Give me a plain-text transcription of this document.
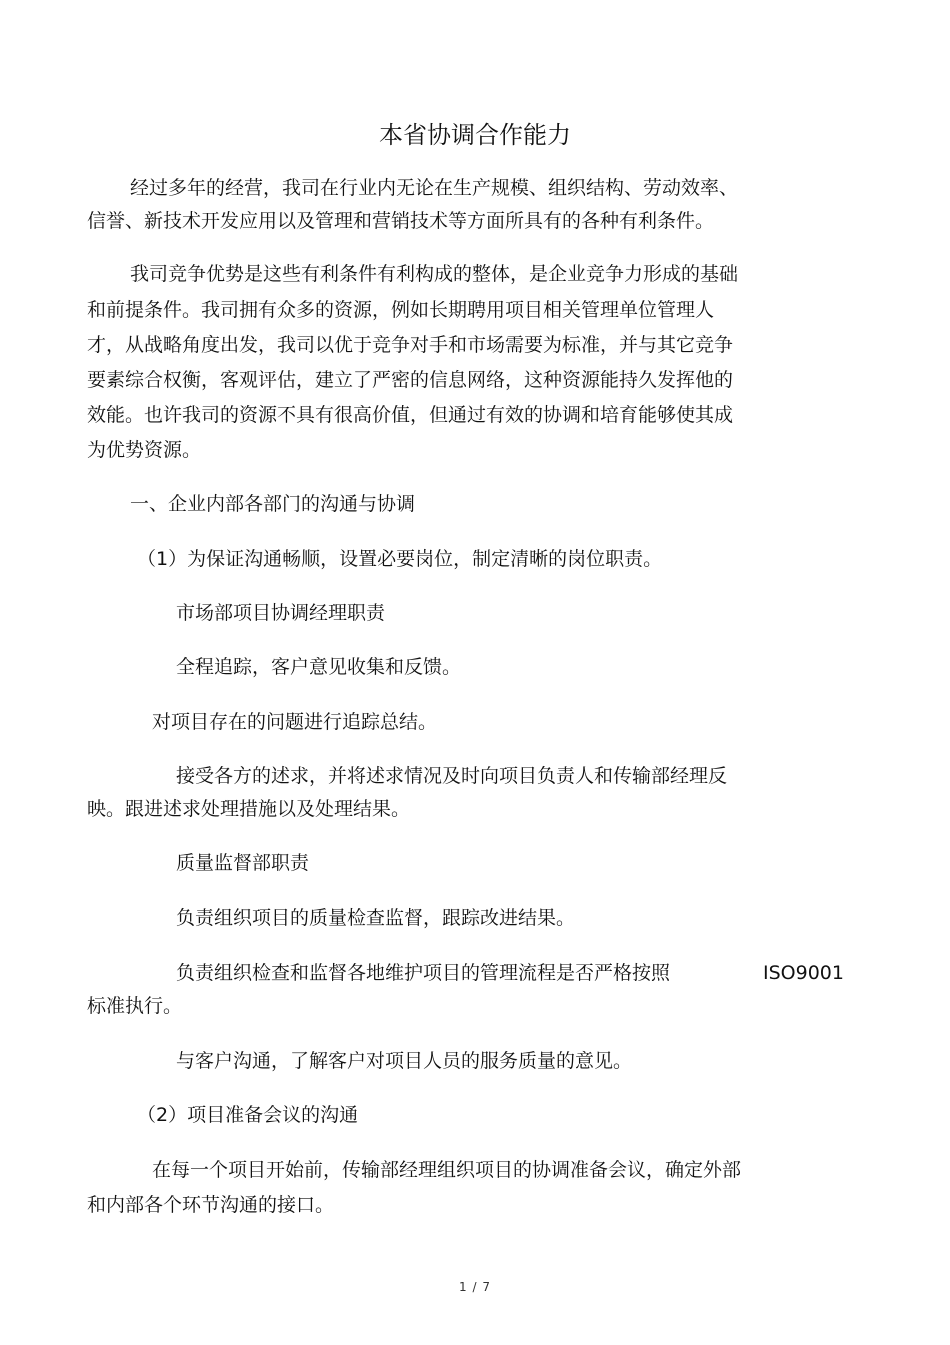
本省协调合作能力
经过多年的经营，我司在行业内无论在生产规模、组织结构、劳动效率、
信誉、新技术开发应用以及管理和营销技术等方面所具有的各种有利条件。
我司竞争优势是这些有利条件有利构成的整体，是企业竞争力形成的基础
和前提条件。我司拥有众多的资源，例如长期聘用项目相关管理单位管理人
才，从战略角度出发，我司以优于竞争对手和市场需要为标准，并与其它竞争
要素综合权衡，客观评估，建立了严密的信息网络，这种资源能持久发挥他的
效能。也许我司的资源不具有很高价值，但通过有效的协调和培育能够使其成
为优势资源。
一、企业内部各部门的沟通与协调
（1）为保证沟通畅顺，设置必要岗位，制定清晰的岗位职责。
市场部项目协调经理职责
全程追踪，客户意见收集和反馈。
对项目存在的问题进行追踪总结。
接受各方的述求，并将述求情况及时向项目负责人和传输部经理反
映。跟进述求处理措施以及处理结果。
质量监督部职责
负责组织项目的质量检查监督，跟踪改进结果。
负责组织检查和监督各地维护项目的管理流程是否严格按照	ISO9001
标准执行。
与客户沟通，了解客户对项目人员的服务质量的意见。
（2）项目准备会议的沟通
在每一个项目开始前，传输部经理组织项目的协调准备会议，确定外部
和内部各个环节沟通的接口。
1 / 7
